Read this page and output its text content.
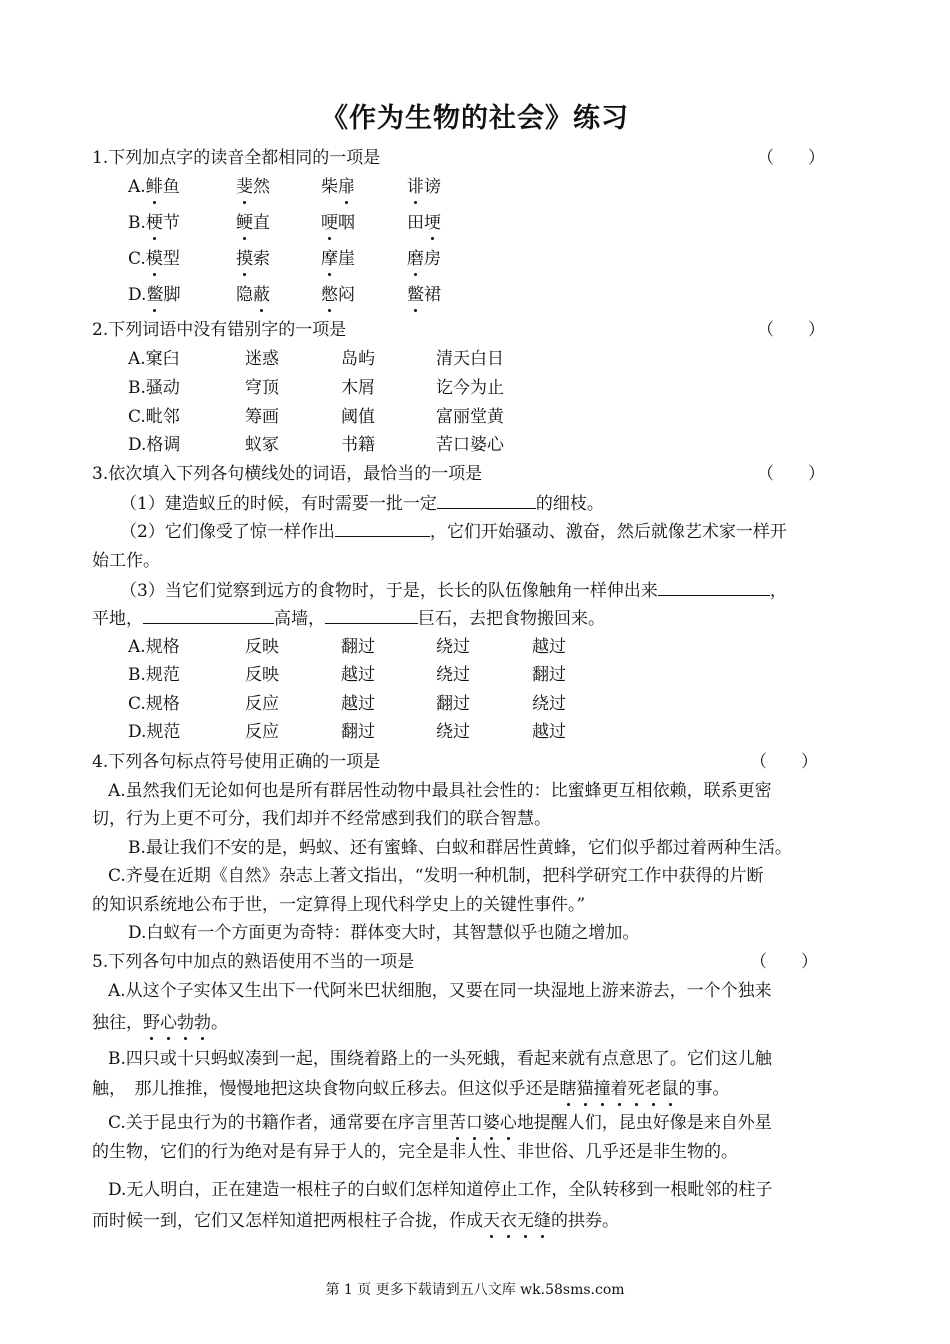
《作为生物的社会》练习
1.下列加点字的读音全都相同的一项是	（　　）
A.鲱鱼	斐然	柴扉	诽谤
B.梗节	鲠直	哽咽	田埂
C.模型	摸索	摩崖	磨房
D.鳖脚	隐蔽	憋闷	鳖裙
2.下列词语中没有错别字的一项是	（　　）
A.窠臼	迷惑	岛屿	清天白日
B.骚动	穹顶	木屑	讫今为止
C.毗邻	筹画	阈值	富丽堂黄
D.格调	蚁冢	书籍	苦口婆心
3.依次填入下列各句横线处的词语，最恰当的一项是	（　　）
（1）建造蚁丘的时候，有时需要一批一定	的细枝。
（2）它们像受了惊一样作出	，它们开始骚动、激奋，然后就像艺术家一样开
始工作。
（3）当它们觉察到远方的食物时，于是，长长的队伍像触角一样伸出来	，
平地，	高墙，	巨石，去把食物搬回来。
A.规格	反映	翻过	绕过	越过
B.规范	反映	越过	绕过	翻过
C.规格	反应	越过	翻过	绕过
D.规范	反应	翻过	绕过	越过
4.下列各句标点符号使用正确的一项是	（　　）
A.虽然我们无论如何也是所有群居性动物中最具社会性的：比蜜蜂更互相依赖，联系更密
切，行为上更不可分，我们却并不经常感到我们的联合智慧。
B.最让我们不安的是，蚂蚁、还有蜜蜂、白蚁和群居性黄蜂，它们似乎都过着两种生活。
C.齐曼在近期《自然》杂志上著文指出，“发明一种机制，把科学研究工作中获得的片断
的知识系统地公布于世，一定算得上现代科学史上的关键性事件。”
D.白蚁有一个方面更为奇特：群体变大时，其智慧似乎也随之增加。
5.下列各句中加点的熟语使用不当的一项是	（　　）
A.从这个子实体又生出下一代阿米巴状细胞，又要在同一块湿地上游来游去，一个个独来
独往，野心勃勃。
B.四只或十只蚂蚁凑到一起，围绕着路上的一头死蛾，看起来就有点意思了。它们这儿触
触，　那儿推推，慢慢地把这块食物向蚁丘移去。但这似乎还是瞎猫撞着死老鼠的事。
C.关于昆虫行为的书籍作者，通常要在序言里苦口婆心地提醒人们，昆虫好像是来自外星
的生物，它们的行为绝对是有异于人的，完全是非人性、非世俗、几乎还是非生物的。
D.无人明白，正在建造一根柱子的白蚁们怎样知道停止工作，全队转移到一根毗邻的柱子
而时候一到，它们又怎样知道把两根柱子合拢，作成天衣无缝的拱券。
第 1 页 更多下载请到五八文库 wk.58sms.com
